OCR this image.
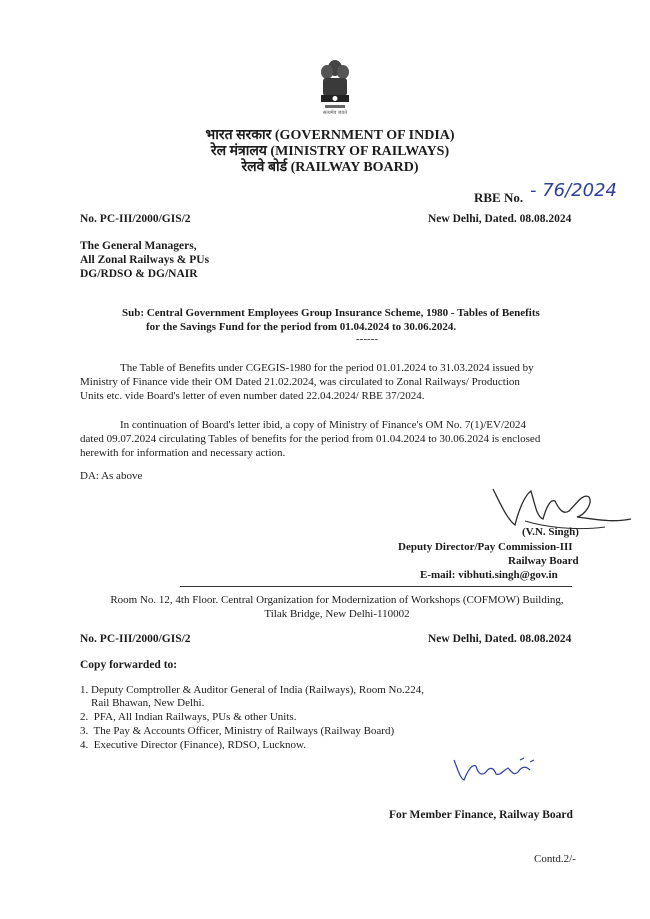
सत्यमेव जयते
भारत सरकार (GOVERNMENT OF INDIA)
रेल मंत्रालय (MINISTRY OF RAILWAYS)
रेलवे बोर्ड (RAILWAY BOARD)
RBE No. - 76/2024
No. PC-III/2000/GIS/2	New Delhi, Dated. 08.08.2024
The General Managers,
All Zonal Railways & PUs
DG/RDSO & DG/NAIR
Sub: Central Government Employees Group Insurance Scheme, 1980 - Tables of Benefits
for the Savings Fund for the period from 01.04.2024 to 30.06.2024.
------
The Table of Benefits under CGEGIS-1980 for the period 01.01.2024 to 31.03.2024 issued by
Ministry of Finance vide their OM Dated 21.02.2024, was circulated to Zonal Railways/ Production
Units etc. vide Board's letter of even number dated 22.04.2024/ RBE 37/2024.
In continuation of Board's letter ibid, a copy of Ministry of Finance's OM No. 7(1)/EV/2024
dated 09.07.2024 circulating Tables of benefits for the period from 01.04.2024 to 30.06.2024 is enclosed
herewith for information and necessary action.
DA: As above
(V.N. Singh)
Deputy Director/Pay Commission-III
Railway Board
E-mail: vibhuti.singh@gov.in
Room No. 12, 4th Floor. Central Organization for Modernization of Workshops (COFMOW) Building,
Tilak Bridge, New Delhi-110002
No. PC-III/2000/GIS/2	New Delhi, Dated. 08.08.2024
Copy forwarded to:
1. Deputy Comptroller & Auditor General of India (Railways), Room No.224,
Rail Bhawan, New Delhi.
2.  PFA, All Indian Railways, PUs & other Units.
3.  The Pay & Accounts Officer, Ministry of Railways (Railway Board)
4.  Executive Director (Finance), RDSO, Lucknow.
For Member Finance, Railway Board
Contd.2/-
